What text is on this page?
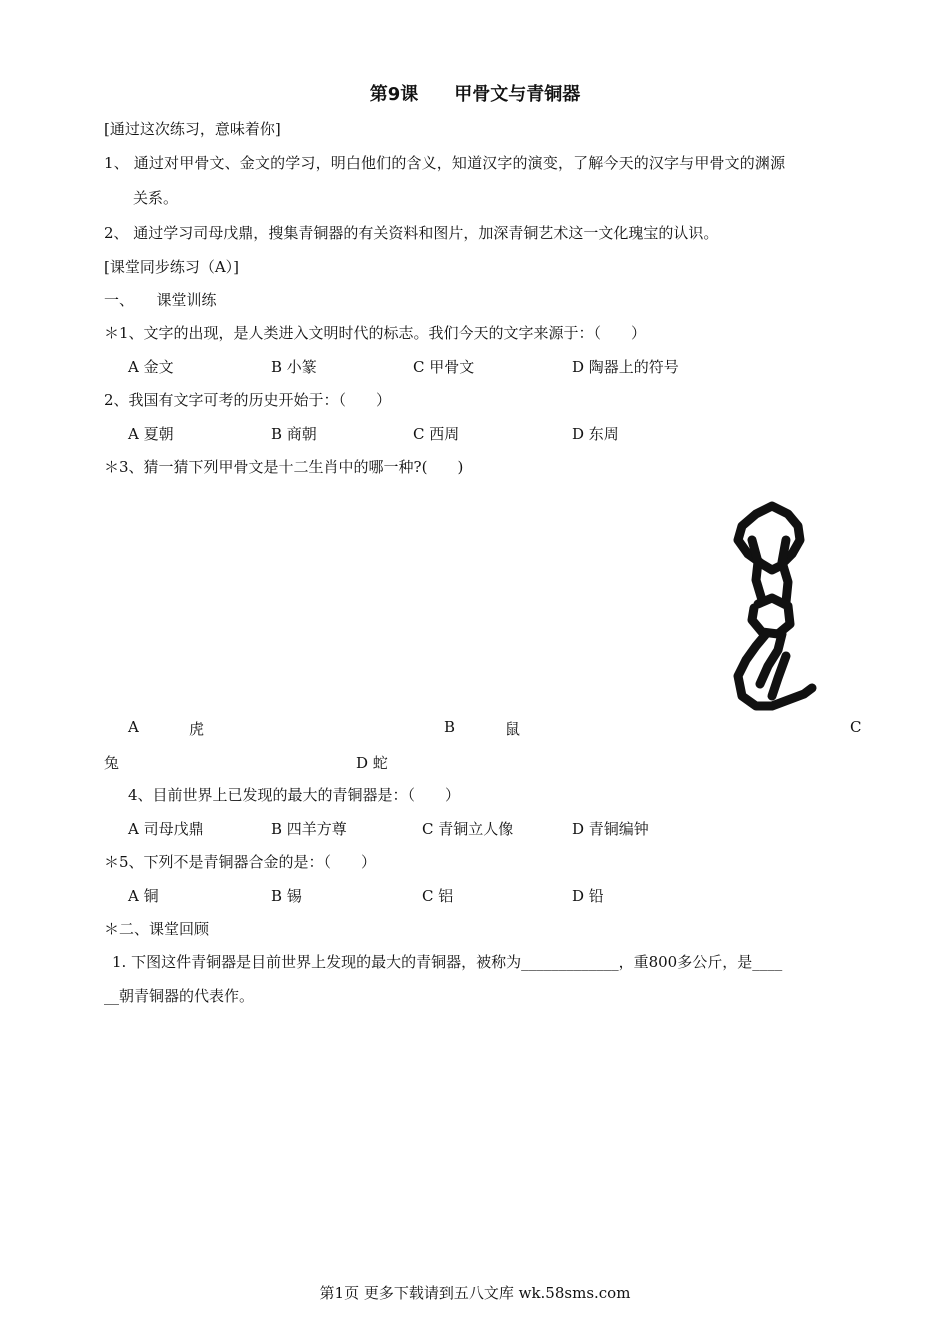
第9课 甲骨文与青铜器
[通过这次练习，意味着你]
1、 通过对甲骨文、金文的学习，明白他们的含义，知道汉字的演变，了解今天的汉字与甲骨文的渊源
关系。
2、 通过学习司母戊鼎，搜集青铜器的有关资料和图片，加深青铜艺术这一文化瑰宝的认识。
[课堂同步练习（A）]
一、　　课堂训练
＊1、文字的出现，是人类进入文明时代的标志。我们今天的文字来源于：（　　）
A 金文	B 小篆	C 甲骨文	D 陶器上的符号
2、我国有文字可考的历史开始于：（　　）
A 夏朝	B 商朝	C 西周	D 东周
＊3、猜一猜下列甲骨文是十二生肖中的哪一种?(　　)
A	虎	B	鼠	C
兔	D 蛇
4、目前世界上已发现的最大的青铜器是：（　　）
A 司母戊鼎	B 四羊方尊	C 青铜立人像	D 青铜编钟
＊5、下列不是青铜器合金的是：（　　）
A 铜	B 锡	C 铝	D 铅
＊二、课堂回顾
1. 下图这件青铜器是目前世界上发现的最大的青铜器，被称为_____________，重800多公斤，是____
__朝青铜器的代表作。
第1页 更多下载请到五八文库 wk.58sms.com
